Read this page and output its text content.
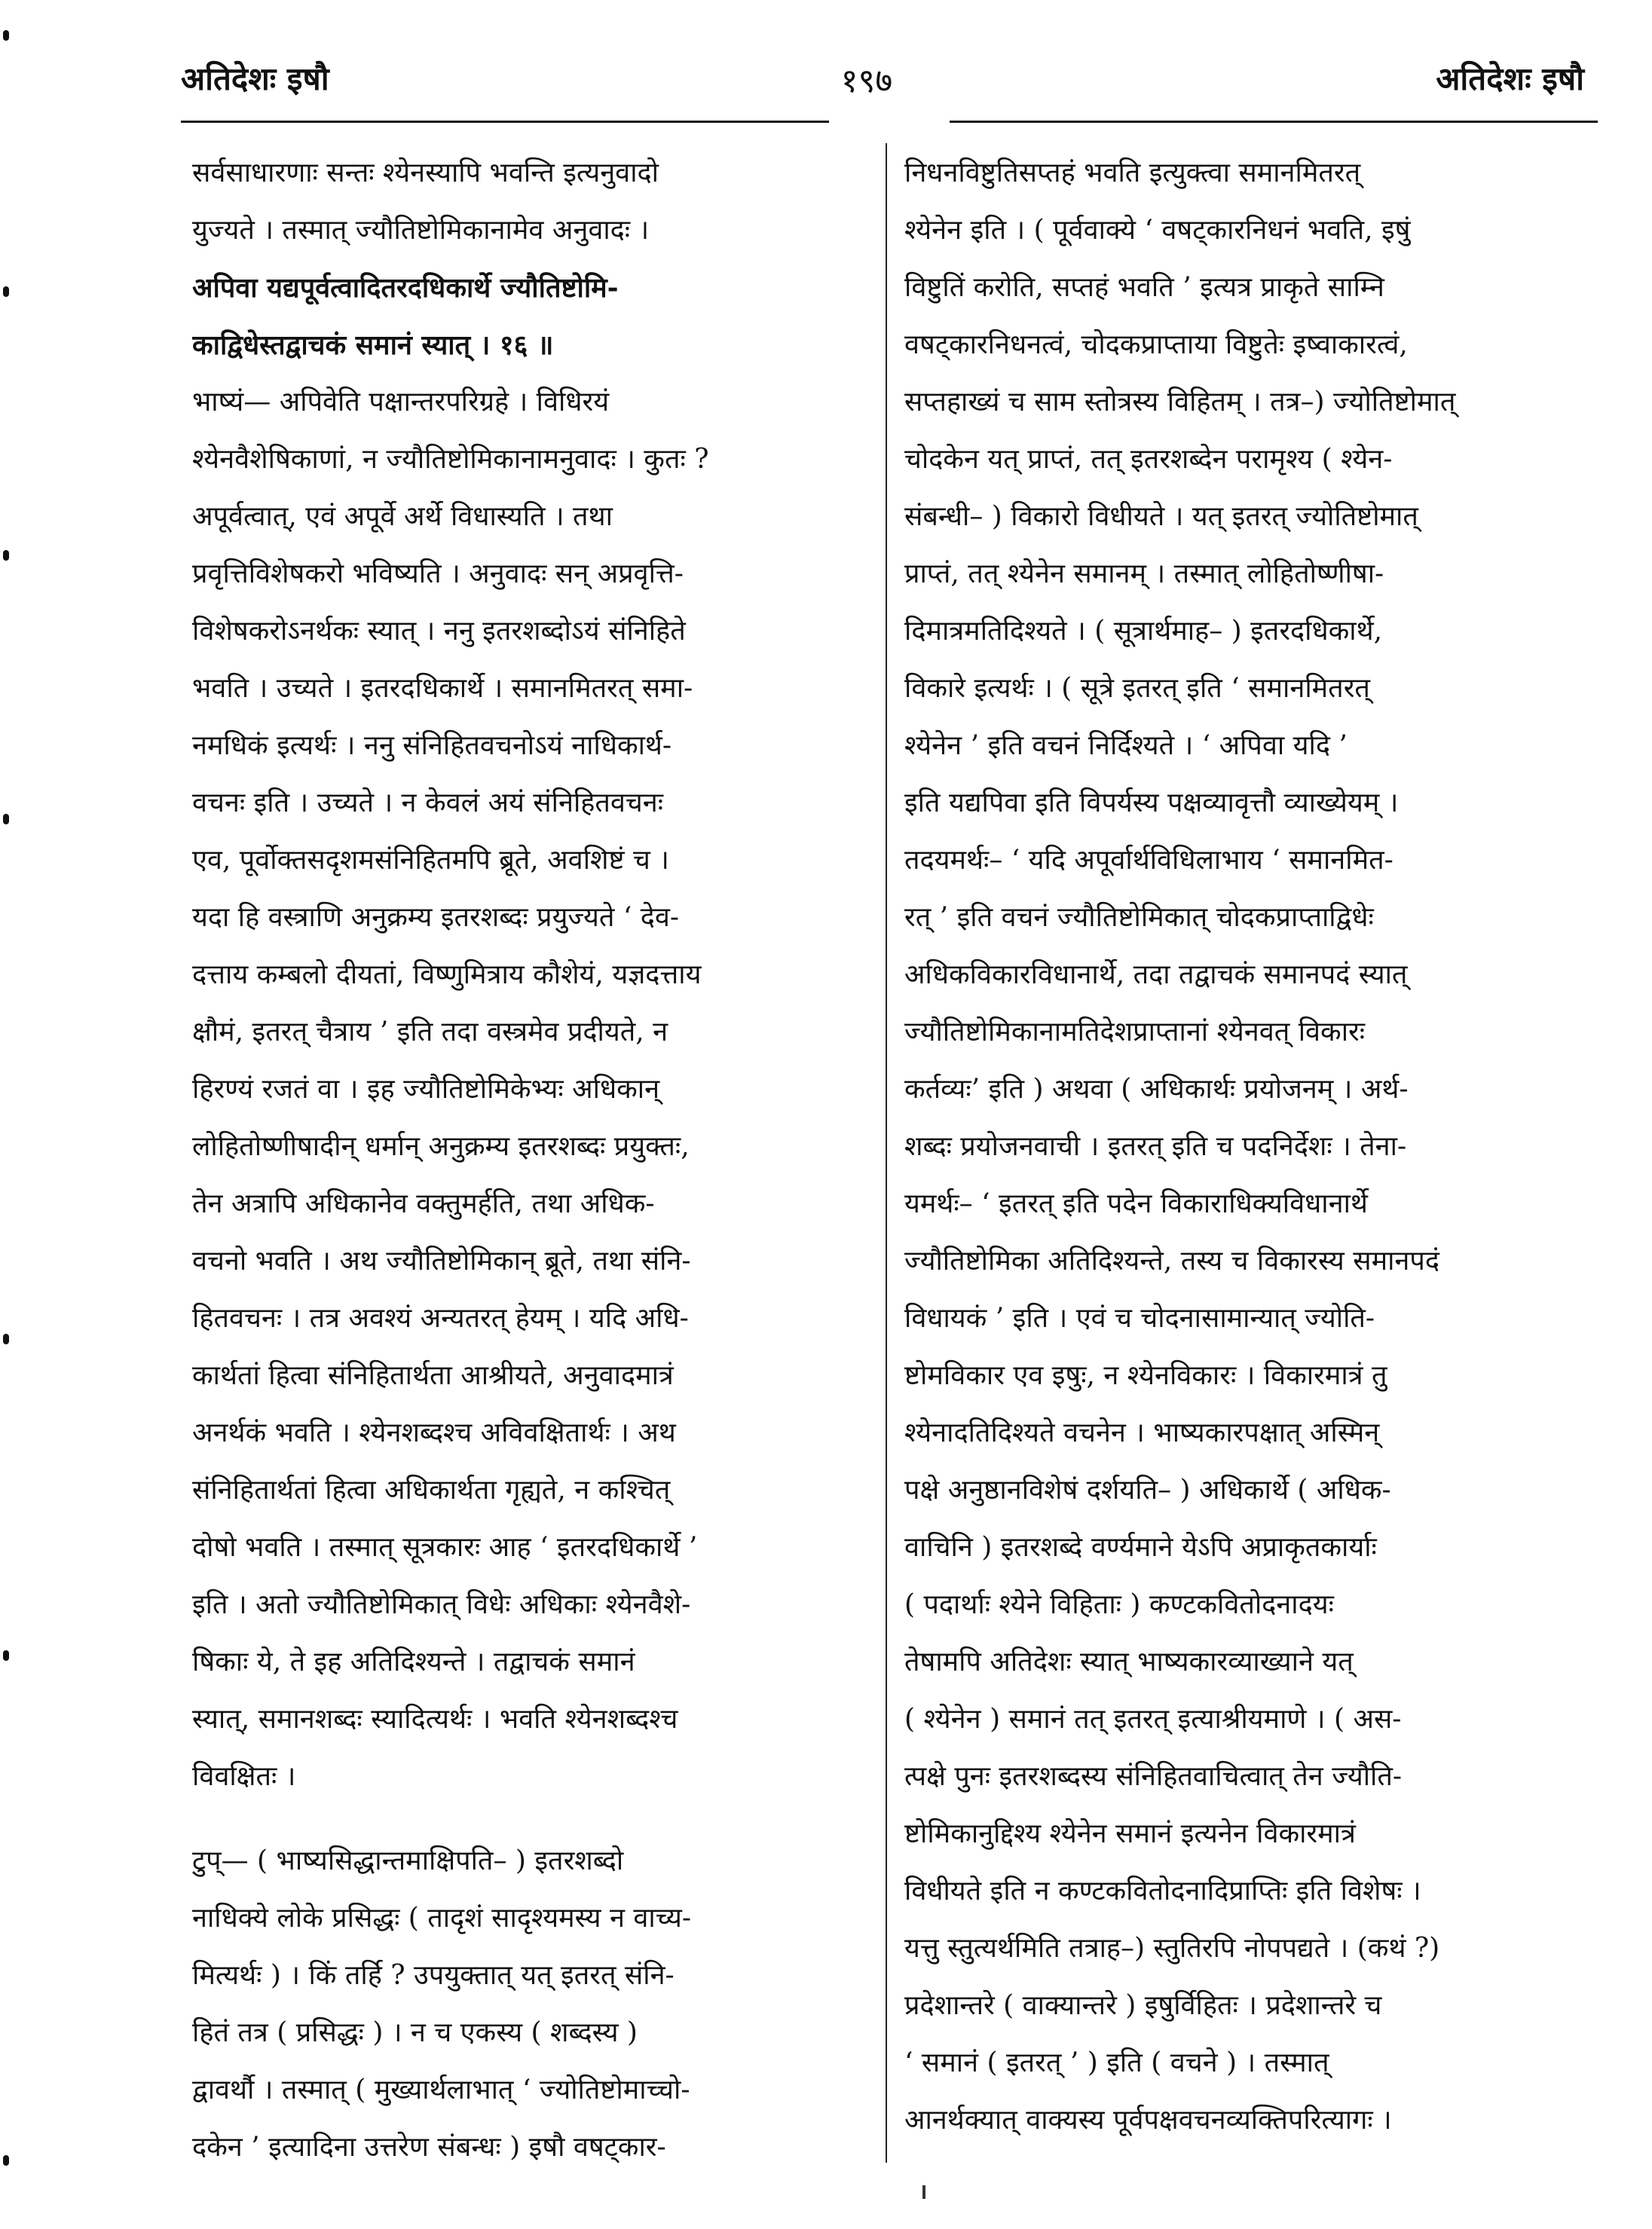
अतिदेशः इषौ	१९७	अतिदेशः इषौ
सर्वसाधारणाः सन्तः श्येनस्यापि भवन्ति इत्यनुवादो
युज्यते । तस्मात् ज्यौतिष्टोमिकानामेव अनुवादः ।
अपिवा यद्यपूर्वत्वादितरदधिकार्थे ज्यौतिष्टोमि-
काद्विधेस्तद्वाचकं समानं स्यात् । १६ ॥
भाष्यं— अपिवेति पक्षान्तरपरिग्रहे । विधिरयं
श्येनवैशेषिकाणां, न ज्यौतिष्टोमिकानामनुवादः । कुतः ?
अपूर्वत्वात्, एवं अपूर्वे अर्थे विधास्यति । तथा
प्रवृत्तिविशेषकरो भविष्यति । अनुवादः सन् अप्रवृत्ति-
विशेषकरोऽनर्थकः स्यात् । ननु इतरशब्दोऽयं संनिहिते
भवति । उच्यते । इतरदधिकार्थे । समानमितरत् समा-
नमधिकं इत्यर्थः । ननु संनिहितवचनोऽयं नाधिकार्थ-
वचनः इति । उच्यते । न केवलं अयं संनिहितवचनः
एव, पूर्वोक्तसदृशमसंनिहितमपि ब्रूते, अवशिष्टं च ।
यदा हि वस्त्राणि अनुक्रम्य इतरशब्दः प्रयुज्यते ‘ देव-
दत्ताय कम्बलो दीयतां, विष्णुमित्राय कौशेयं, यज्ञदत्ताय
क्षौमं, इतरत् चैत्राय ’ इति तदा वस्त्रमेव प्रदीयते, न
हिरण्यं रजतं वा । इह ज्यौतिष्टोमिकेभ्यः अधिकान्
लोहितोष्णीषादीन् धर्मान् अनुक्रम्य इतरशब्दः प्रयुक्तः,
तेन अत्रापि अधिकानेव वक्तुमर्हति, तथा अधिक-
वचनो भवति । अथ ज्यौतिष्टोमिकान् ब्रूते, तथा संनि-
हितवचनः । तत्र अवश्यं अन्यतरत् हेयम् । यदि अधि-
कार्थतां हित्वा संनिहितार्थता आश्रीयते, अनुवादमात्रं
अनर्थकं भवति । श्येनशब्दश्च अविवक्षितार्थः । अथ
संनिहितार्थतां हित्वा अधिकार्थता गृह्यते, न कश्चित्
दोषो भवति । तस्मात् सूत्रकारः आह ‘ इतरदधिकार्थे ’
इति । अतो ज्यौतिष्टोमिकात् विधेः अधिकाः श्येनवैशे-
षिकाः ये, ते इह अतिदिश्यन्ते । तद्वाचकं समानं
स्यात्, समानशब्दः स्यादित्यर्थः । भवति श्येनशब्दश्च
विवक्षितः ।
टुप्— ( भाष्यसिद्धान्तमाक्षिपति– ) इतरशब्दो
नाधिक्ये लोके प्रसिद्धः ( तादृशं सादृश्यमस्य न वाच्य-
मित्यर्थः ) । किं तर्हि ? उपयुक्तात् यत् इतरत् संनि-
हितं तत्र ( प्रसिद्धः ) । न च एकस्य ( शब्दस्य )
द्वावर्थौ । तस्मात् ( मुख्यार्थलाभात् ‘ ज्योतिष्टोमाच्चो-
दकेन ’ इत्यादिना उत्तरेण संबन्धः ) इषौ वषट्कार-
निधनविष्टुतिसप्तहं भवति इत्युक्त्वा समानमितरत्
श्येनेन इति । ( पूर्ववाक्ये ‘ वषट्कारनिधनं भवति, इषुं
विष्टुतिं करोति, सप्तहं भवति ’ इत्यत्र प्राकृते साम्नि
वषट्कारनिधनत्वं, चोदकप्राप्ताया विष्टुतेः इष्वाकारत्वं,
सप्तहाख्यं च साम स्तोत्रस्य विहितम् । तत्र–) ज्योतिष्टोमात्
चोदकेन यत् प्राप्तं, तत् इतरशब्देन परामृश्य ( श्येन-
संबन्धी– ) विकारो विधीयते । यत् इतरत् ज्योतिष्टोमात्
प्राप्तं, तत् श्येनेन समानम् । तस्मात् लोहितोष्णीषा-
दिमात्रमतिदिश्यते । ( सूत्रार्थमाह– ) इतरदधिकार्थे,
विकारे इत्यर्थः । ( सूत्रे इतरत् इति ‘ समानमितरत्
श्येनेन ’ इति वचनं निर्दिश्यते । ‘ अपिवा यदि ’
इति यद्यपिवा इति विपर्यस्य पक्षव्यावृत्तौ व्याख्येयम् ।
तदयमर्थः– ‘ यदि अपूर्वार्थविधिलाभाय ‘ समानमित-
रत् ’ इति वचनं ज्यौतिष्टोमिकात् चोदकप्राप्ताद्विधेः
अधिकविकारविधानार्थे, तदा तद्वाचकं समानपदं स्यात्
ज्यौतिष्टोमिकानामतिदेशप्राप्तानां श्येनवत् विकारः
कर्तव्यः’ इति ) अथवा ( अधिकार्थः प्रयोजनम् । अर्थ-
शब्दः प्रयोजनवाची । इतरत् इति च पदनिर्देशः । तेना-
यमर्थः– ‘ इतरत् इति पदेन विकाराधिक्यविधानार्थे
ज्यौतिष्टोमिका अतिदिश्यन्ते, तस्य च विकारस्य समानपदं
विधायकं ’ इति । एवं च चोदनासामान्यात् ज्योति-
ष्टोमविकार एव इषुः, न श्येनविकारः । विकारमात्रं तु
श्येनादतिदिश्यते वचनेन । भाष्यकारपक्षात् अस्मिन्
पक्षे अनुष्ठानविशेषं दर्शयति– ) अधिकार्थे ( अधिक-
वाचिनि ) इतरशब्दे वर्ण्यमाने येऽपि अप्राकृतकार्याः
( पदार्थाः श्येने विहिताः ) कण्टकवितोदनादयः
तेषामपि अतिदेशः स्यात् भाष्यकारव्याख्याने यत्
( श्येनेन ) समानं तत् इतरत् इत्याश्रीयमाणे । ( अस-
त्पक्षे पुनः इतरशब्दस्य संनिहितवाचित्वात् तेन ज्यौति-
ष्टोमिकानुद्दिश्य श्येनेन समानं इत्यनेन विकारमात्रं
विधीयते इति न कण्टकवितोदनादिप्राप्तिः इति विशेषः ।
यत्तु स्तुत्यर्थमिति तत्राह–) स्तुतिरपि नोपपद्यते । (कथं ?)
प्रदेशान्तरे ( वाक्यान्तरे ) इषुर्विहितः । प्रदेशान्तरे च
‘ समानं ( इतरत् ’ ) इति ( वचने ) । तस्मात्
आनर्थक्यात् वाक्यस्य पूर्वपक्षवचनव्यक्तिपरित्यागः ।
